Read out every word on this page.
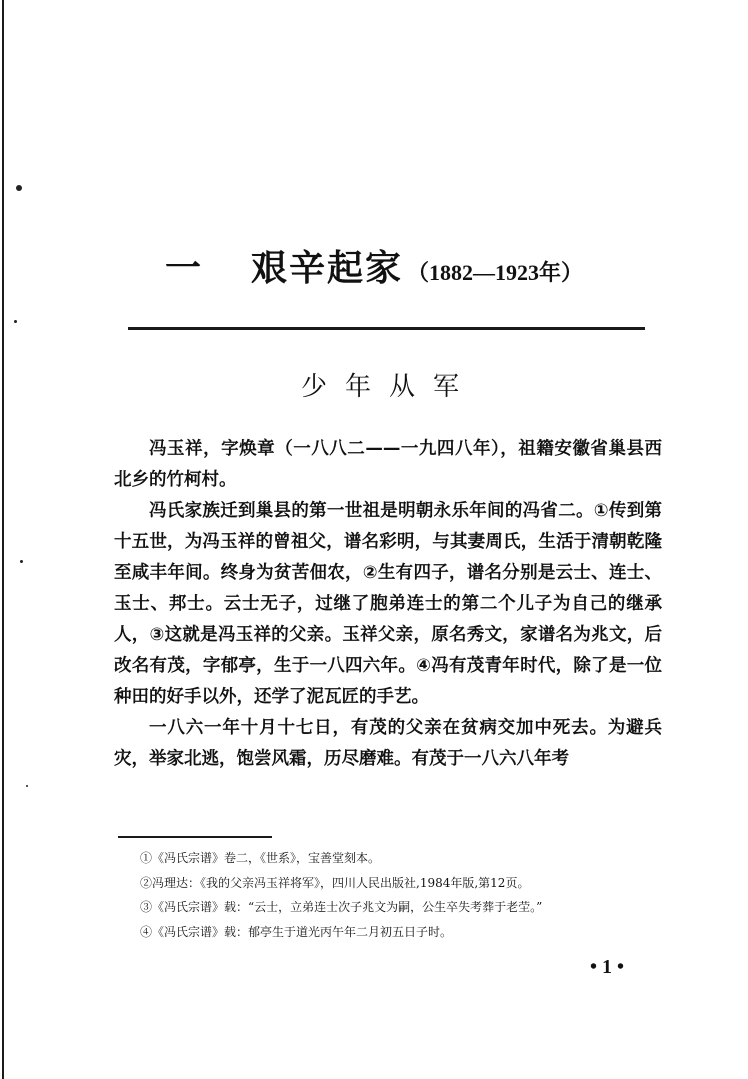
一 艰辛起家 （1882—1923年）
少年从军

冯玉祥，字焕章（一八八二——一九四八年），祖籍安徽省巢县西北乡的竹柯村。

冯氏家族迁到巢县的第一世祖是明朝永乐年间的冯省二。①传到第十五世，为冯玉祥的曾祖父，谱名彩明，与其妻周氏，生活于清朝乾隆至咸丰年间。终身为贫苦佃农，②生有四子，谱名分别是云士、连士、玉士、邦士。云士无子，过继了胞弟连士的第二个儿子为自己的继承人，③这就是冯玉祥的父亲。玉祥父亲，原名秀文，家谱名为兆文，后改名有茂，字郁亭，生于一八四六年。④冯有茂青年时代，除了是一位种田的好手以外，还学了泥瓦匠的手艺。

一八六一年十月十七日，有茂的父亲在贫病交加中死去。为避兵灾，举家北逃，饱尝风霜，历尽磨难。有茂于一八六八年考

①《冯氏宗谱》卷二，《世系》，宝善堂刻本。
②冯理达：《我的父亲冯玉祥将军》，四川人民出版社,1984年版,第12页。
③《冯氏宗谱》载：“云士，立弟连士次子兆文为嗣，公生卒失考葬于老茔。”
④《冯氏宗谱》载：郁亭生于道光丙午年二月初五日子时。
• 1 •
